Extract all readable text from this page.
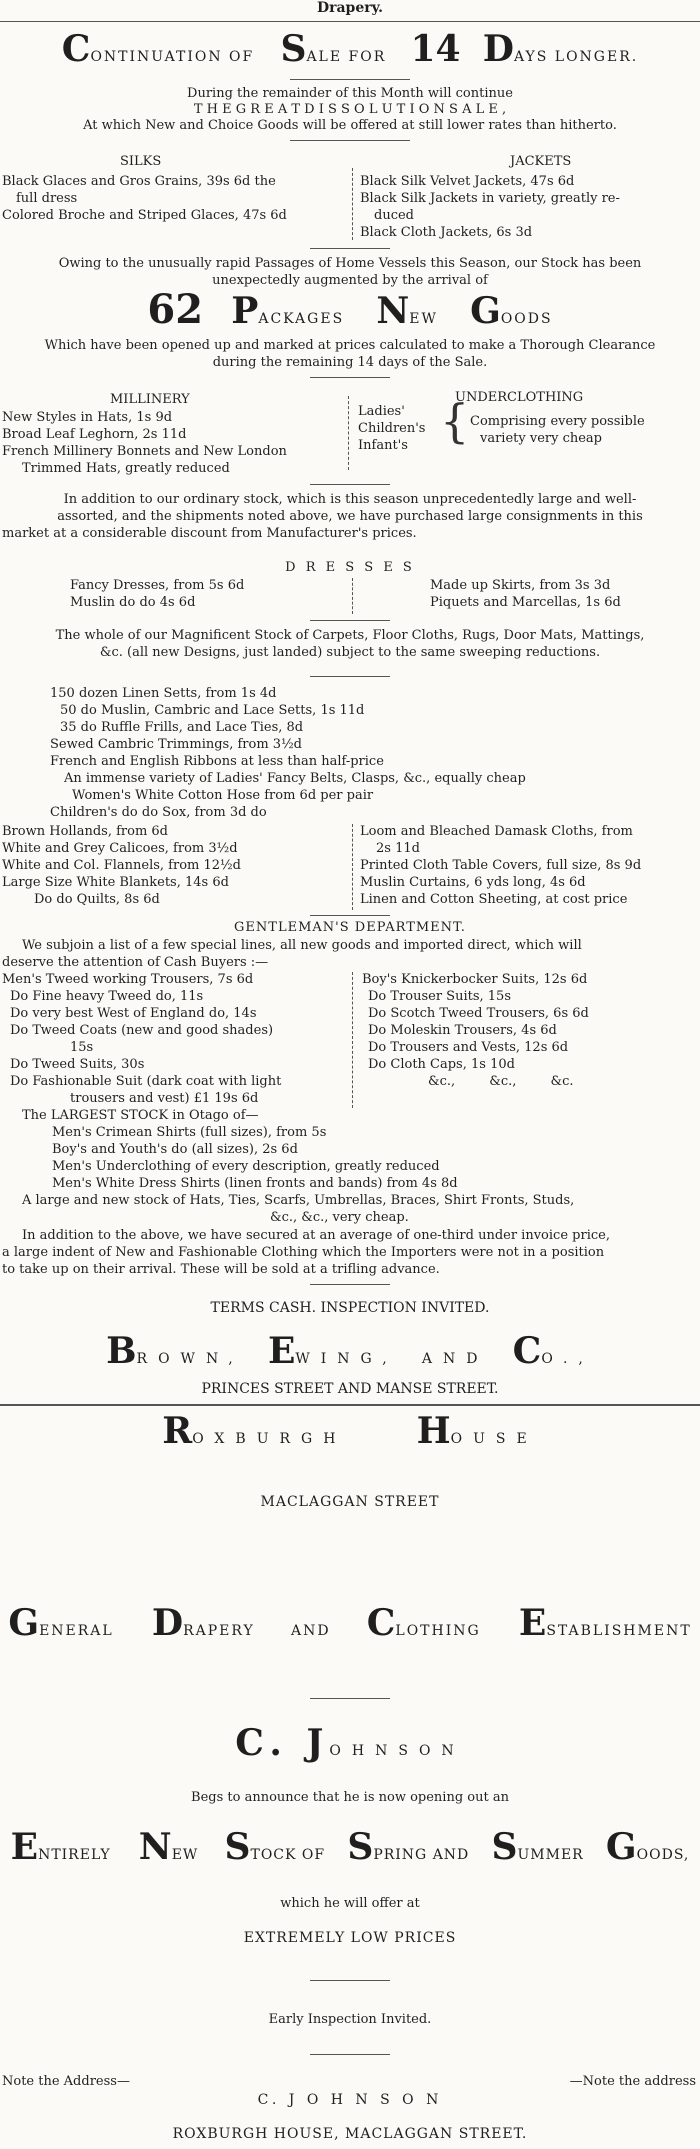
Drapery.
CONTINUATION OF SALE FOR 14 DAYS LONGER.
During the remainder of this Month will continue
T H E G R E A T D I S S O L U T I O N S A L E ,
At which New and Choice Goods will be offered at still lower rates than hitherto.
SILKS
Black Glaces and Gros Grains, 39s 6d the
full dress
Colored Broche and Striped Glaces, 47s 6d
JACKETS
Black Silk Velvet Jackets, 47s 6d
Black Silk Jackets in variety, greatly re-
duced
Black Cloth Jackets, 6s 3d
Owing to the unusually rapid Passages of Home Vessels this Season, our Stock has been
unexpectedly augmented by the arrival of
62 PACKAGES NEW GOODS
Which have been opened up and marked at prices calculated to make a Thorough Clearance
during the remaining 14 days of the Sale.
MILLINERY
New Styles in Hats, 1s 9d
Broad Leaf Leghorn, 2s 11d
French Millinery Bonnets and New London
Trimmed Hats, greatly reduced
Ladies'
Children's
Infant's {
UNDERCLOTHING
Comprising every possible
variety very cheap
In addition to our ordinary stock, which is this season unprecedentedly large and well-
assorted, and the shipments noted above, we have purchased large consignments in this
market at a considerable discount from Manufacturer's prices.
D R E S S E S
Fancy Dresses, from 5s 6d
Muslin do do 4s 6d
Made up Skirts, from 3s 3d
Piquets and Marcellas, 1s 6d
The whole of our Magnificent Stock of Carpets, Floor Cloths, Rugs, Door Mats, Mattings,
&c. (all new Designs, just landed) subject to the same sweeping reductions.
150 dozen Linen Setts, from 1s 4d
50 do Muslin, Cambric and Lace Setts, 1s 11d
35 do Ruffle Frills, and Lace Ties, 8d
Sewed Cambric Trimmings, from 3½d
French and English Ribbons at less than half-price
An immense variety of Ladies' Fancy Belts, Clasps, &c., equally cheap
Women's White Cotton Hose from 6d per pair
Children's do do Sox, from 3d do
Brown Hollands, from 6d
White and Grey Calicoes, from 3½d
White and Col. Flannels, from 12½d
Large Size White Blankets, 14s 6d
Do do Quilts, 8s 6d
Loom and Bleached Damask Cloths, from
2s 11d
Printed Cloth Table Covers, full size, 8s 9d
Muslin Curtains, 6 yds long, 4s 6d
Linen and Cotton Sheeting, at cost price
GENTLEMAN'S DEPARTMENT.
We subjoin a list of a few special lines, all new goods and imported direct, which will
deserve the attention of Cash Buyers :—
Men's Tweed working Trousers, 7s 6d
Do Fine heavy Tweed do, 11s
Do very best West of England do, 14s
Do Tweed Coats (new and good shades)
15s
Do Tweed Suits, 30s
Do Fashionable Suit (dark coat with light
trousers and vest) £1 19s 6d
Boy's Knickerbocker Suits, 12s 6d
Do Trouser Suits, 15s
Do Scotch Tweed Trousers, 6s 6d
Do Moleskin Trousers, 4s 6d
Do Trousers and Vests, 12s 6d
Do Cloth Caps, 1s 10d
&c., &c., &c.
The LARGEST STOCK in Otago of—
Men's Crimean Shirts (full sizes), from 5s
Boy's and Youth's do (all sizes), 2s 6d
Men's Underclothing of every description, greatly reduced
Men's White Dress Shirts (linen fronts and bands) from 4s 8d
A large and new stock of Hats, Ties, Scarfs, Umbrellas, Braces, Shirt Fronts, Studs,
&c., &c., very cheap.
In addition to the above, we have secured at an average of one-third under invoice price,
a large indent of New and Fashionable Clothing which the Importers were not in a position
to take up on their arrival. These will be sold at a trifling advance.
TERMS CASH. INSPECTION INVITED.
BROWN, EWING, AND CO.,
PRINCES STREET AND MANSE STREET.
ROXBURGH HOUSE
MACLAGGAN STREET
GENERAL DRAPERY	AND CLOTHING ESTABLISHMENT
C. JOHNSON
Begs to announce that he is now opening out an
ENTIRELY NEW STOCK OF SPRING AND SUMMER GOODS,
which he will offer at
EXTREMELY LOW PRICES
Early Inspection Invited.
Note the Address—	—Note the address
C. J O H N S O N
ROXBURGH HOUSE, MACLAGGAN STREET.
